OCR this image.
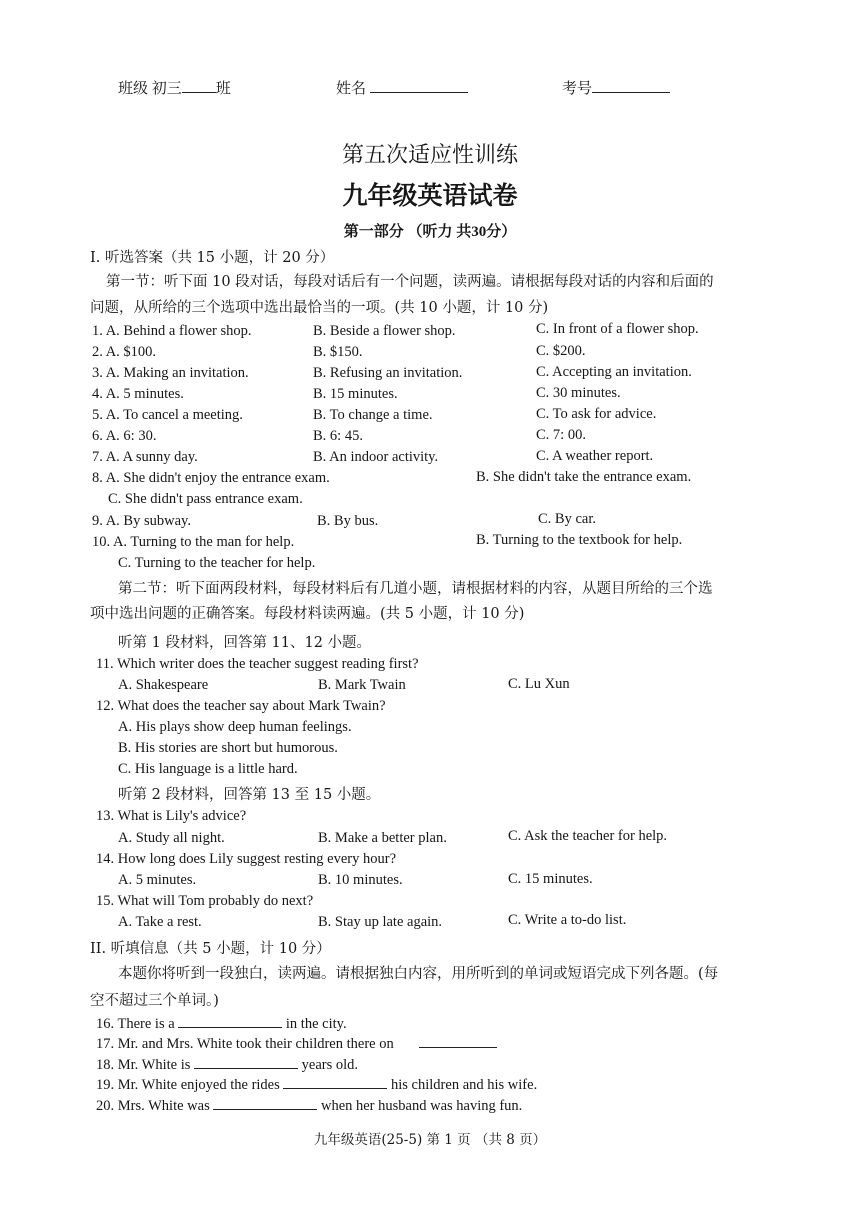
班级 初三 班	姓名	考号
第五次适应性训练
九年级英语试卷
第一部分 （听力 共30分）
I. 听选答案（共 15 小题，计 20 分）
第一节：听下面 10 段对话，每段对话后有一个问题，读两遍。请根据每段对话的内容和后面的
问题，从所给的三个选项中选出最恰当的一项。(共 10 小题，计 10 分)
1. A. Behind a flower shop.	B. Beside a flower shop.	C. In front of a flower shop.
2. A. $100.	B. $150.	C. $200.
3. A. Making an invitation.	B. Refusing an invitation.	C. Accepting an invitation.
4. A. 5 minutes.	B. 15 minutes.	C. 30 minutes.
5. A. To cancel a meeting.	B. To change a time.	C. To ask for advice.
6. A. 6: 30.	B. 6: 45.	C. 7: 00.
7. A. A sunny day.	B. An indoor activity.	C. A weather report.
8. A. She didn't enjoy the entrance exam.	B. She didn't take the entrance exam.
C. She didn't pass entrance exam.
9. A. By subway.	B. By bus.	C. By car.
10. A. Turning to the man for help.	B. Turning to the textbook for help.
C. Turning to the teacher for help.
第二节：听下面两段材料，每段材料后有几道小题，请根据材料的内容，从题目所给的三个选
项中选出问题的正确答案。每段材料读两遍。(共 5 小题，计 10 分)
听第 1 段材料，回答第 11、12 小题。
11. Which writer does the teacher suggest reading first?
A. Shakespeare	B. Mark Twain	C. Lu Xun
12. What does the teacher say about Mark Twain?
A. His plays show deep human feelings.
B. His stories are short but humorous.
C. His language is a little hard.
听第 2 段材料，回答第 13 至 15 小题。
13. What is Lily's advice?
A. Study all night.	B. Make a better plan.	C. Ask the teacher for help.
14. How long does Lily suggest resting every hour?
A. 5 minutes.	B. 10 minutes.	C. 15 minutes.
15. What will Tom probably do next?
A. Take a rest.	B. Stay up late again.	C. Write a to-do list.
II. 听填信息（共 5 小题，计 10 分）
本题你将听到一段独白，读两遍。请根据独白内容，用所听到的单词或短语完成下列各题。(每
空不超过三个单词。)
16. There is a	in the city.
17. Mr. and Mrs. White took their children there on
18. Mr. White is	years old.
19. Mr. White enjoyed the rides	his children and his wife.
20. Mrs. White was	when her husband was having fun.
九年级英语(25-5) 第 1 页 （共 8 页）
